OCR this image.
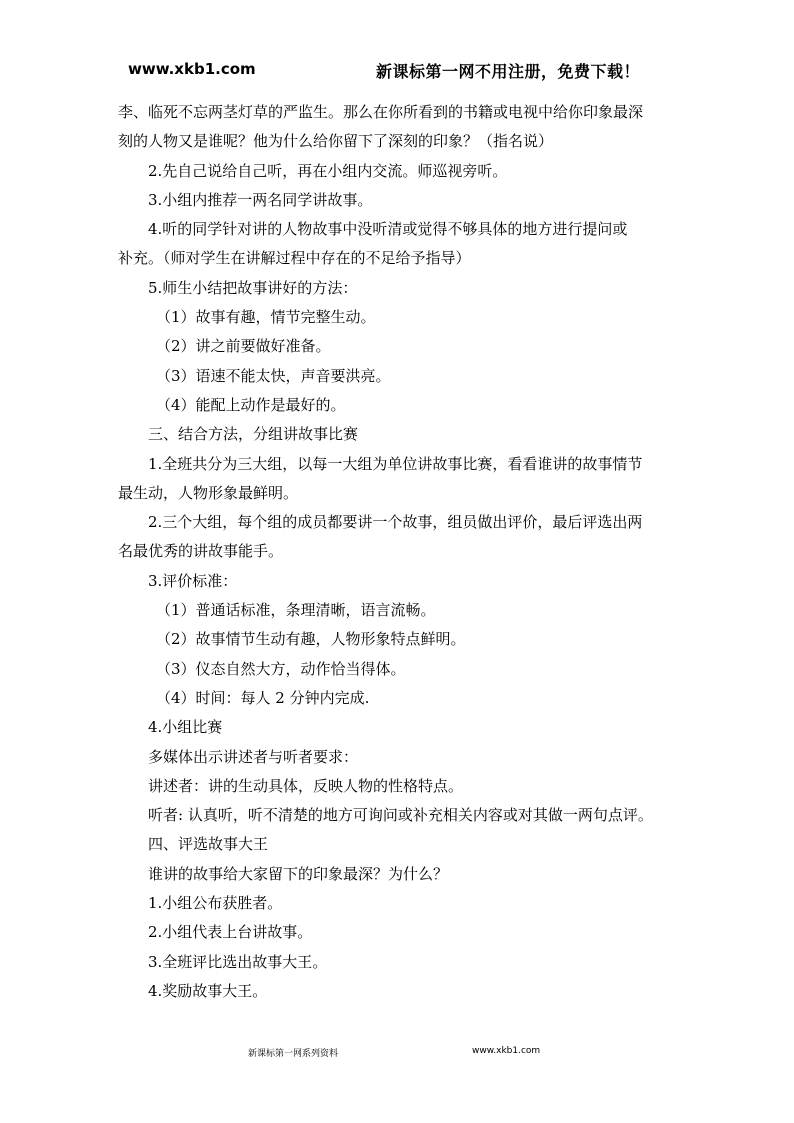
www.xkb1.com	新课标第一网不用注册，免费下载！
李、临死不忘两茎灯草的严监生。那么在你所看到的书籍或电视中给你印象最深
刻的人物又是谁呢？他为什么给你留下了深刻的印象？（指名说）
2.先自己说给自己听，再在小组内交流。师巡视旁听。
3.小组内推荐一两名同学讲故事。
4.听的同学针对讲的人物故事中没听清或觉得不够具体的地方进行提问或
补充。（师对学生在讲解过程中存在的不足给予指导）
5.师生小结把故事讲好的方法：
（1）故事有趣，情节完整生动。
（2）讲之前要做好准备。
（3）语速不能太快，声音要洪亮。
（4）能配上动作是最好的。
三、结合方法，分组讲故事比赛
1.全班共分为三大组，以每一大组为单位讲故事比赛，看看谁讲的故事情节
最生动，人物形象最鲜明。
2.三个大组，每个组的成员都要讲一个故事，组员做出评价，最后评选出两
名最优秀的讲故事能手。
3.评价标准：
（1）普通话标准，条理清晰，语言流畅。
（2）故事情节生动有趣，人物形象特点鲜明。
（3）仪态自然大方，动作恰当得体。
（4）时间：每人 2 分钟内完成.
4.小组比赛
多媒体出示讲述者与听者要求：
讲述者：讲的生动具体，反映人物的性格特点。
听者: 认真听，听不清楚的地方可询问或补充相关内容或对其做一两句点评。
四、评选故事大王
谁讲的故事给大家留下的印象最深？为什么？
1.小组公布获胜者。
2.小组代表上台讲故事。
3.全班评比选出故事大王。
4.奖励故事大王。
新课标第一网系列资料	www.xkb1.com
